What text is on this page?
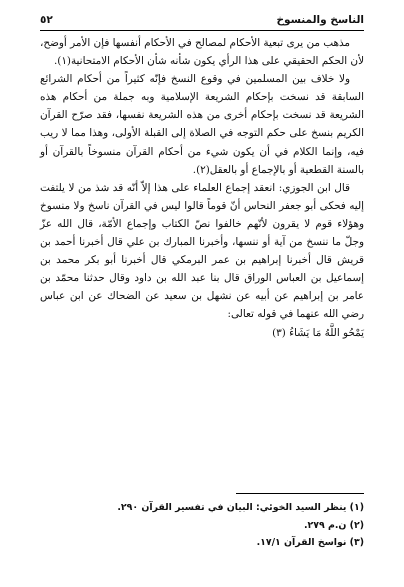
الناسخ والمنسوخ
٥٢

مذهب من يرى تبعية الأحكام لمصالح في الأحكام أنفسها فإن الأمر أوضح، لأن الحكم الحقيقي على هذا الرأي يكون شأنه شأن الأحكام الامتحانية(١).

ولا خلاف بين المسلمين في وقوع النسخ فإنّه كثيراً من أحكام الشرائع السابقة قد نسخت بإحكام الشريعة الإسلامية وبه جملة من أحكام هذه الشريعة قد نسخت بإحكام أخرى من هذه الشريعة نفسها، فقد صرّح القرآن الكريم بنسخ على حكم التوجه في الصلاة إلى القبلة الأولى، وهذا مما لا ريب فيه، وإنما الكلام في أن يكون شيء من أحكام القرآن منسوخاً بالقرآن أو بالسنة القطعية أو بالإجماع أو بالعقل(٢).

قال ابن الجوزي: انعقد إجماع العلماء على هذا إلاّ أنّه قد شذ من لا يلتفت إليه فحكى أبو جعفر النحاس أنّ قوماً قالوا ليس في القرآن ناسخ ولا منسوخ وهؤلاء قوم لا يقرون لأنّهم خالفوا نصّ الكتاب وإجماع الأمّة، قال الله عزّ وجلّ ما ننسخ من آية أو ننسها، وأخبرنا المبارك بن علي قال أخبرنا أحمد بن قريش قال أخبرنا إبراهيم بن عمر البرمكي قال أخبرنا أبو بكر محمد بن إسماعيل بن العباس الوراق قال بنا عبد الله بن داود وقال حدثنا محمّد بن عامر بن إبراهيم عن أبيه عن نشهل بن سعيد عن الضحاك عن ابن عباس رضي الله عنهما في قوله تعالى:

يَمْحُو اللَّهُ مَا يَشَاءُ (٣)
(١) ينظر السيد الخوئي: البيان في تفسير القرآن ٢٩٠.
(٢) ن.م ٢٧٩.
(٣) نواسخ القرآن ١٧/١.
